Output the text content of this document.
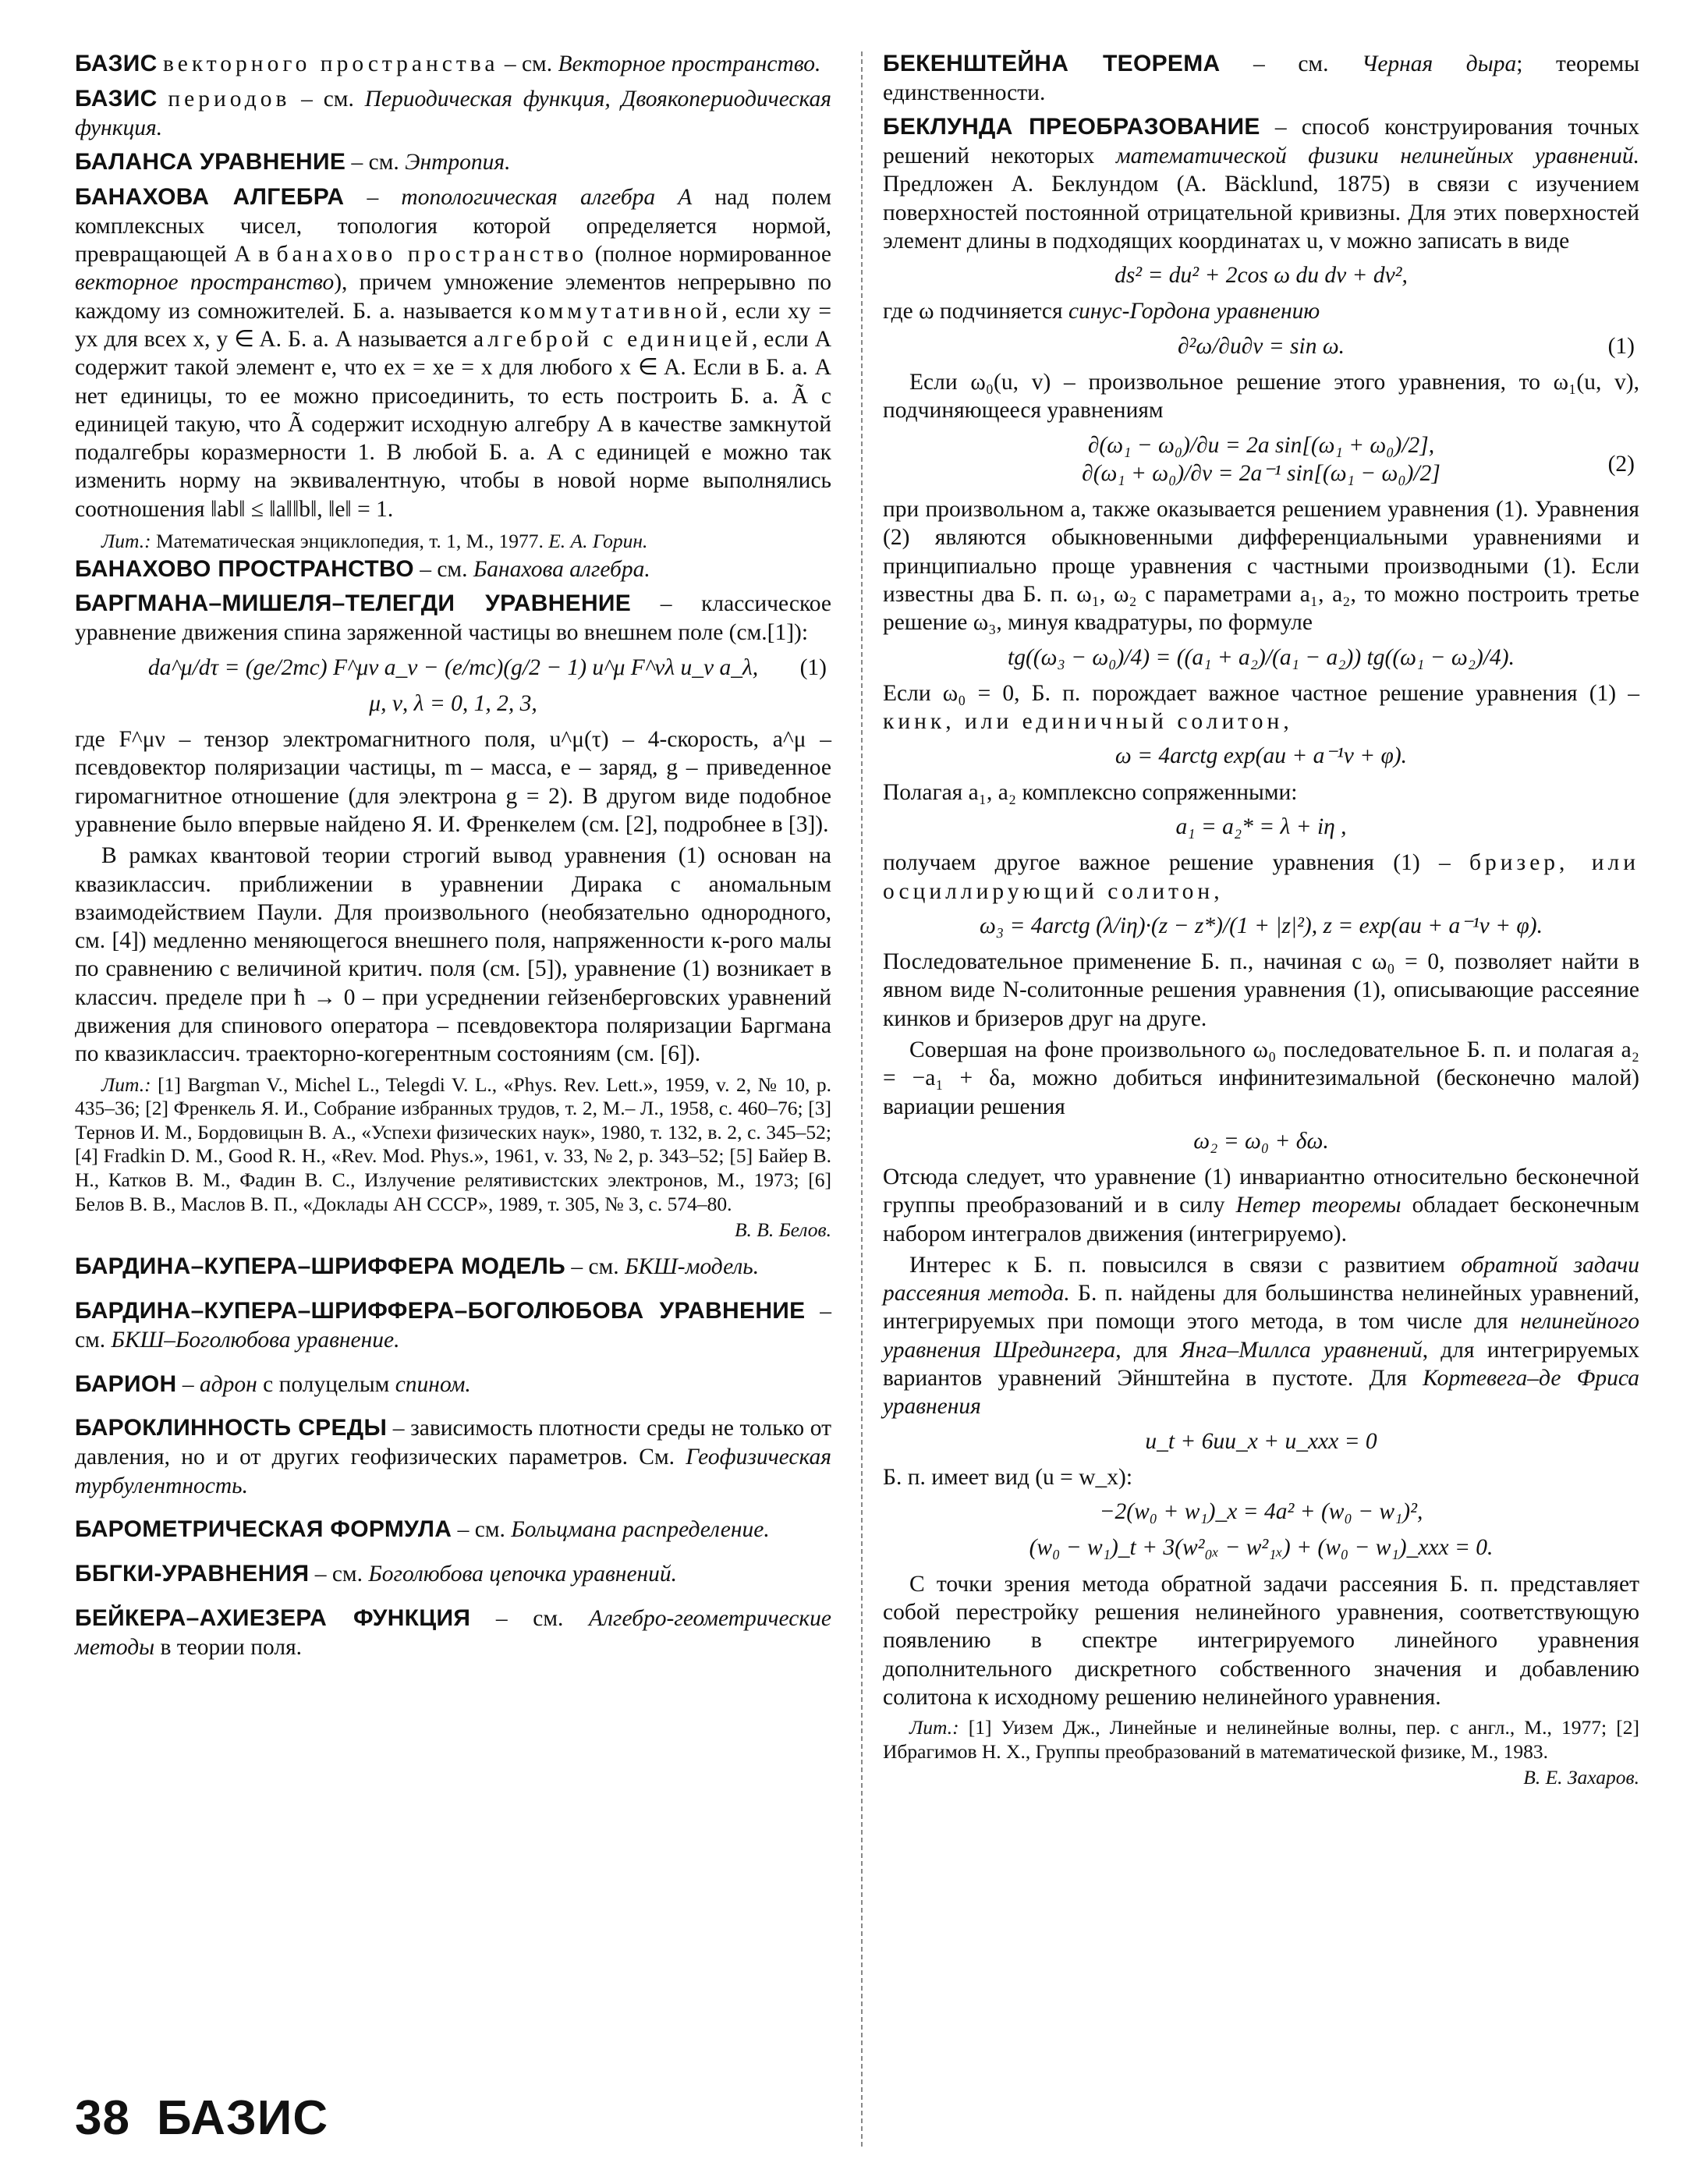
БАЗИС векторного пространства – см. Векторное пространство.

БАЗИС периодов – см. Периодическая функция, Двоякопериодическая функция.

БАЛАНСА УРАВНЕНИЕ – см. Энтропия.

БАНАХОВА АЛГЕБРА – топологическая алгебра А над полем комплексных чисел, топология которой определяется нормой, превращающей А в банахово пространство (полное нормированное векторное пространство), причем умножение элементов непрерывно по каждому из сомножителей. Б. а. называется коммутативной, если xy = yx для всех x, y ∈ A. Б. а. А называется алгеброй с единицей, если А содержит такой элемент e, что ex = xe = x для любого x ∈ A. Если в Б. а. А нет единицы, то ее можно присоединить, то есть построить Б. а. Ã с единицей такую, что Ã содержит исходную алгебру А в качестве замкнутой подалгебры коразмерности 1. В любой Б. а. А с единицей e можно так изменить норму на эквивалентную, чтобы в новой норме выполнялись соотношения ‖ab‖ ≤ ‖a‖‖b‖, ‖e‖ = 1.

Лит.: Математическая энциклопедия, т. 1, М., 1977. Е. А. Горин.

БАНАХОВО ПРОСТРАНСТВО – см. Банахова алгебра.

БАРГМАНА–МИШЕЛЯ–ТЕЛЕГДИ УРАВНЕНИЕ – классическое уравнение движения спина заряженной частицы во внешнем поле (см.[1]):

da^μ/dτ = (ge/2mc) F^μν a_ν − (e/mc)(g/2 − 1) u^μ F^νλ u_ν a_λ, (1)
μ, ν, λ = 0, 1, 2, 3,

где F^μν – тензор электромагнитного поля, u^μ(τ) – 4-скорость, a^μ – псевдовектор поляризации частицы, m – масса, e – заряд, g – приведенное гиромагнитное отношение (для электрона g = 2). В другом виде подобное уравнение было впервые найдено Я. И. Френкелем (см. [2], подробнее в [3]).

В рамках квантовой теории строгий вывод уравнения (1) основан на квазиклассич. приближении в уравнении Дирака с аномальным взаимодействием Паули. Для произвольного (необязательно однородного, см. [4]) медленно меняющегося внешнего поля, напряженности к-рого малы по сравнению с величиной критич. поля (см. [5]), уравнение (1) возникает в классич. пределе при ħ → 0 – при усреднении гейзенберговских уравнений движения для спинового оператора – псевдовектора поляризации Баргмана по квазиклассич. траекторно-когерентным состояниям (см. [6]).

Лит.: [1] Bargman V., Michel L., Telegdi V. L., «Phys. Rev. Lett.», 1959, v. 2, № 10, p. 435–36; [2] Френкель Я. И., Собрание избранных трудов, т. 2, М.– Л., 1958, с. 460–76; [3] Тернов И. М., Бордовицын В. А., «Успехи физических наук», 1980, т. 132, в. 2, с. 345–52; [4] Fradkin D. M., Good R. H., «Rev. Mod. Phys.», 1961, v. 33, № 2, p. 343–52; [5] Байер В. Н., Катков В. М., Фадин В. С., Излучение релятивистских электронов, М., 1973; [6] Белов В. В., Маслов В. П., «Доклады АН СССР», 1989, т. 305, № 3, с. 574–80.

В. В. Белов.

БАРДИНА–КУПЕРА–ШРИФФЕРА МОДЕЛЬ – см. БКШ-модель.

БАРДИНА–КУПЕРА–ШРИФФЕРА–БОГОЛЮБОВА УРАВНЕНИЕ – см. БКШ–Боголюбова уравнение.

БАРИОН – адрон с полуцелым спином.

БАРОКЛИННОСТЬ СРЕДЫ – зависимость плотности среды не только от давления, но и от других геофизических параметров. См. Геофизическая турбулентность.

БАРОМЕТРИЧЕСКАЯ ФОРМУЛА – см. Больцмана распределение.

ББГКИ-УРАВНЕНИЯ – см. Боголюбова цепочка уравнений.

БЕЙКЕРА–АХИЕЗЕРА ФУНКЦИЯ – см. Алгебро-геометрические методы в теории поля.

БЕКЕНШТЕЙНА ТЕОРЕМА – см. Черная дыра; теоремы единственности.

БЕКЛУНДА ПРЕОБРАЗОВАНИЕ – способ конструирования точных решений некоторых математической физики нелинейных уравнений. Предложен А. Беклундом (A. Bäcklund, 1875) в связи с изучением поверхностей постоянной отрицательной кривизны. Для этих поверхностей элемент длины в подходящих координатах u, v можно записать в виде

ds² = du² + 2cos ω du dv + dv²,

где ω подчиняется синус-Гордона уравнению

∂²ω/∂u∂v = sin ω.	(1)

Если ω₀(u, v) – произвольное решение этого уравнения, то ω₁(u, v), подчиняющееся уравнениям

∂(ω₁ − ω₀)/∂u = 2a sin[(ω₁ + ω₀)/2],
∂(ω₁ + ω₀)/∂v = 2a⁻¹ sin[(ω₁ − ω₀)/2]	(2)

при произвольном a, также оказывается решением уравнения (1). Уравнения (2) являются обыкновенными дифференциальными уравнениями и принципиально проще уравнения с частными производными (1). Если известны два Б. п. ω₁, ω₂ с параметрами a₁, a₂, то можно построить третье решение ω₃, минуя квадратуры, по формуле

tg((ω₃ − ω₀)/4) = ((a₁ + a₂)/(a₁ − a₂)) tg((ω₁ − ω₂)/4).

Если ω₀ = 0, Б. п. порождает важное частное решение уравнения (1) – кинк, или единичный солитон,

ω = 4arctg exp(au + a⁻¹v + φ).

Полагая a₁, a₂ комплексно сопряженными:

a₁ = a₂* = λ + iη ,

получаем другое важное решение уравнения (1) – бризер, или осциллирующий солитон,

ω₃ = 4arctg (λ/iη)·(z − z*)/(1 + |z|²), z = exp(au + a⁻¹v + φ).

Последовательное применение Б. п., начиная с ω₀ = 0, позволяет найти в явном виде N-солитонные решения уравнения (1), описывающие рассеяние кинков и бризеров друг на друге.

Совершая на фоне произвольного ω₀ последовательное Б. п. и полагая a₂ = −a₁ + δa, можно добиться инфинитезимальной (бесконечно малой) вариации решения

ω₂ = ω₀ + δω.

Отсюда следует, что уравнение (1) инвариантно относительно бесконечной группы преобразований и в силу Нетер теоремы обладает бесконечным набором интегралов движения (интегрируемо).

Интерес к Б. п. повысился в связи с развитием обратной задачи рассеяния метода. Б. п. найдены для большинства нелинейных уравнений, интегрируемых при помощи этого метода, в том числе для нелинейного уравнения Шредингера, для Янга–Миллса уравнений, для интегрируемых вариантов уравнений Эйнштейна в пустоте. Для Кортевега–де Фриса уравнения

u_t + 6uu_x + u_xxx = 0

Б. п. имеет вид (u = w_x):

−2(w₀ + w₁)_x = 4a² + (w₀ − w₁)²,
(w₀ − w₁)_t + 3(w²₀ₓ − w²₁ₓ) + (w₀ − w₁)_xxx = 0.

С точки зрения метода обратной задачи рассеяния Б. п. представляет собой перестройку решения нелинейного уравнения, соответствующую появлению в спектре интегрируемого линейного уравнения дополнительного дискретного собственного значения и добавлению солитона к исходному решению нелинейного уравнения.

Лит.: [1] Уизем Дж., Линейные и нелинейные волны, пер. с англ., М., 1977; [2] Ибрагимов Н. Х., Группы преобразований в математической физике, М., 1983.

В. Е. Захаров.

38 БАЗИС
